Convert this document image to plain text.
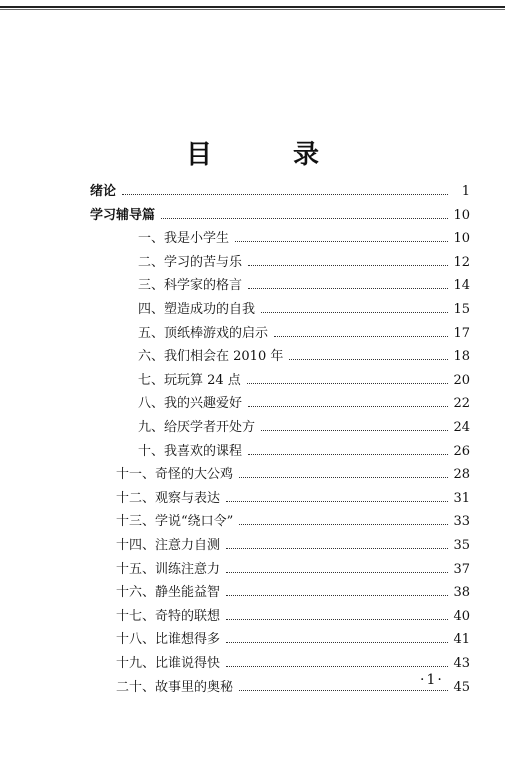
目 录
绪论	1
学习辅导篇	10
一、我是小学生	10
二、学习的苦与乐	12
三、科学家的格言	14
四、塑造成功的自我	15
五、顶纸棒游戏的启示	17
六、我们相会在 2010 年	18
七、玩玩算 24 点	20
八、我的兴趣爱好	22
九、给厌学者开处方	24
十、我喜欢的课程	26
十一、奇怪的大公鸡	28
十二、观察与表达	31
十三、学说“绕口令”	33
十四、注意力自测	35
十五、训练注意力	37
十六、静坐能益智	38
十七、奇特的联想	40
十八、比谁想得多	41
十九、比谁说得快	43
二十、故事里的奥秘	45
·1·
